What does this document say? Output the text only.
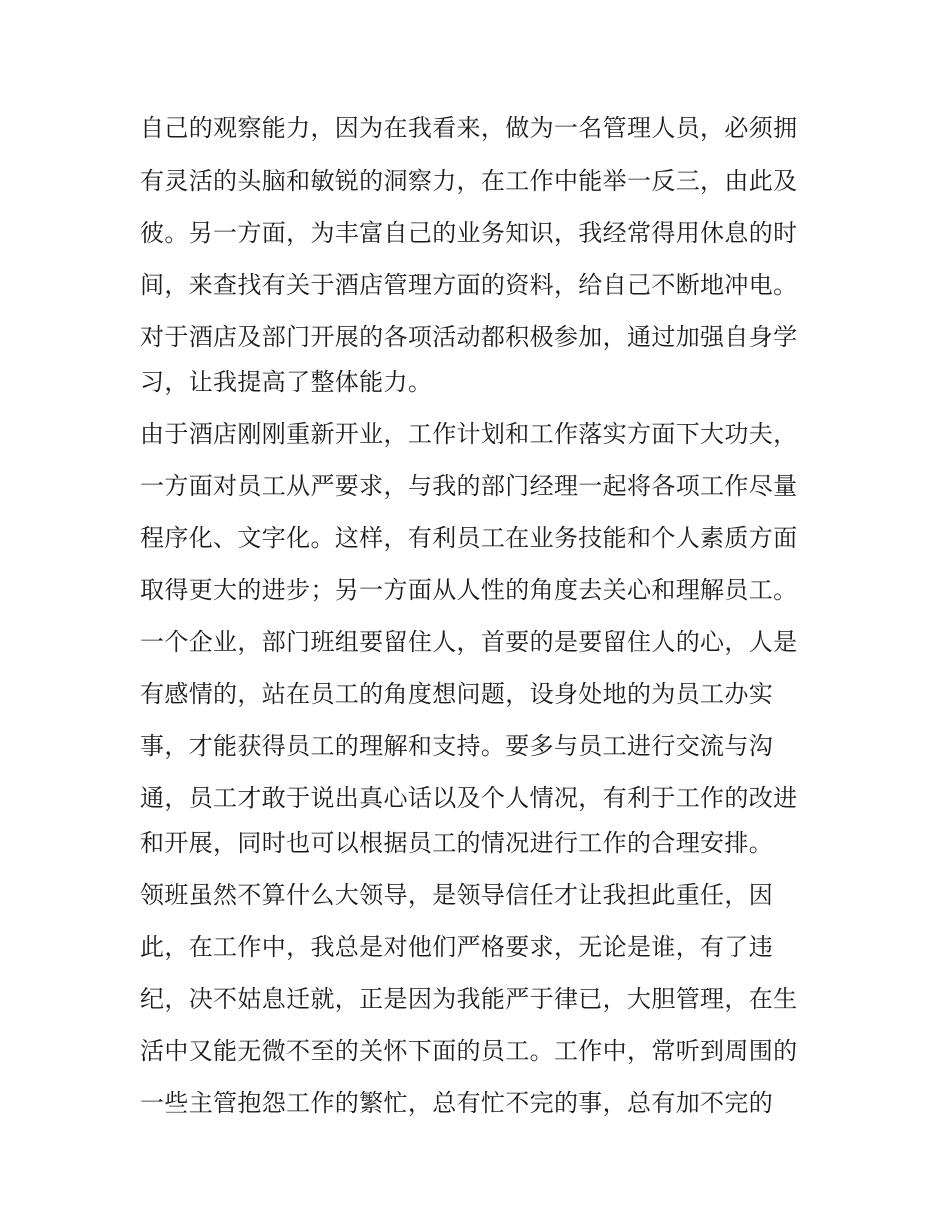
自己的观察能力，因为在我看来，做为一名管理人员，必须拥

有灵活的头脑和敏锐的洞察力，在工作中能举一反三，由此及

彼。另一方面，为丰富自己的业务知识，我经常得用休息的时

间，来查找有关于酒店管理方面的资料，给自己不断地冲电。

对于酒店及部门开展的各项活动都积极参加，通过加强自身学

习，让我提高了整体能力。

由于酒店刚刚重新开业，工作计划和工作落实方面下大功夫，

一方面对员工从严要求，与我的部门经理一起将各项工作尽量

程序化、文字化。这样，有利员工在业务技能和个人素质方面

取得更大的进步；另一方面从人性的角度去关心和理解员工。

一个企业，部门班组要留住人，首要的是要留住人的心，人是

有感情的，站在员工的角度想问题，设身处地的为员工办实

事，才能获得员工的理解和支持。要多与员工进行交流与沟

通，员工才敢于说出真心话以及个人情况，有利于工作的改进

和开展，同时也可以根据员工的情况进行工作的合理安排。

领班虽然不算什么大领导，是领导信任才让我担此重任，因

此，在工作中，我总是对他们严格要求，无论是谁，有了违

纪，决不姑息迁就，正是因为我能严于律已，大胆管理，在生

活中又能无微不至的关怀下面的员工。工作中，常听到周围的

一些主管抱怨工作的繁忙，总有忙不完的事，总有加不完的
